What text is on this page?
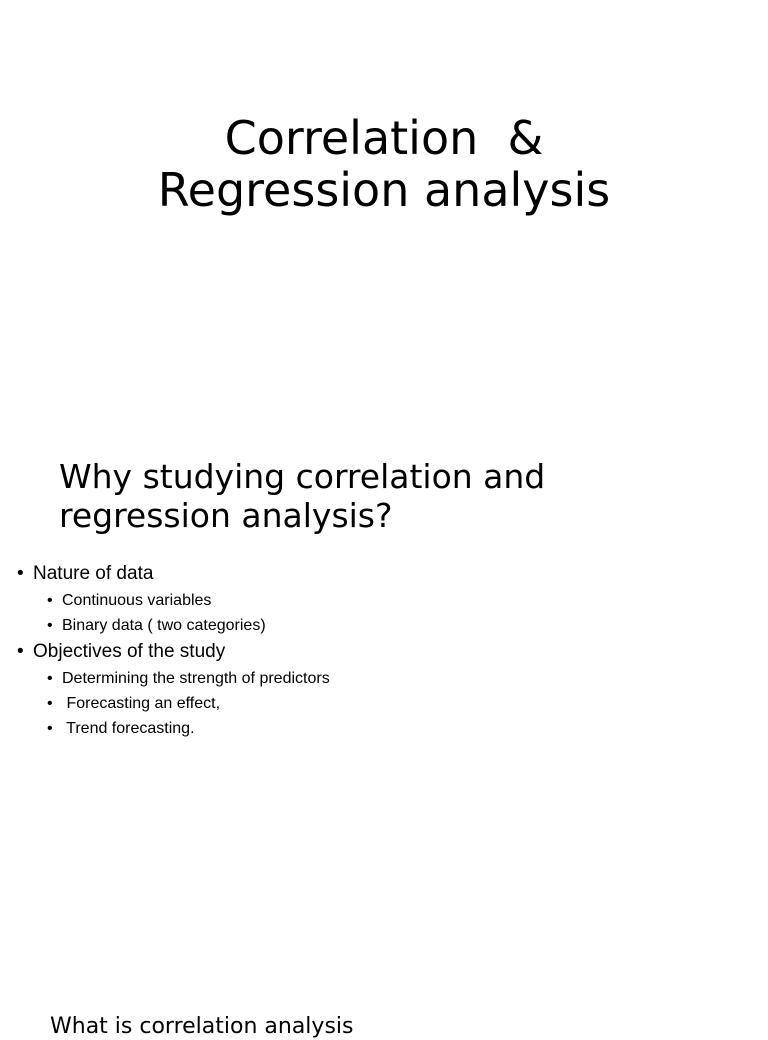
Correlation  &
Regression analysis
Why studying correlation and
regression analysis?
• Nature of data
• Continuous variables
• Binary data ( two categories)
• Objectives of the study
• Determining the strength of predictors
• Forecasting an effect,
• Trend forecasting.

What is correlation analysis
